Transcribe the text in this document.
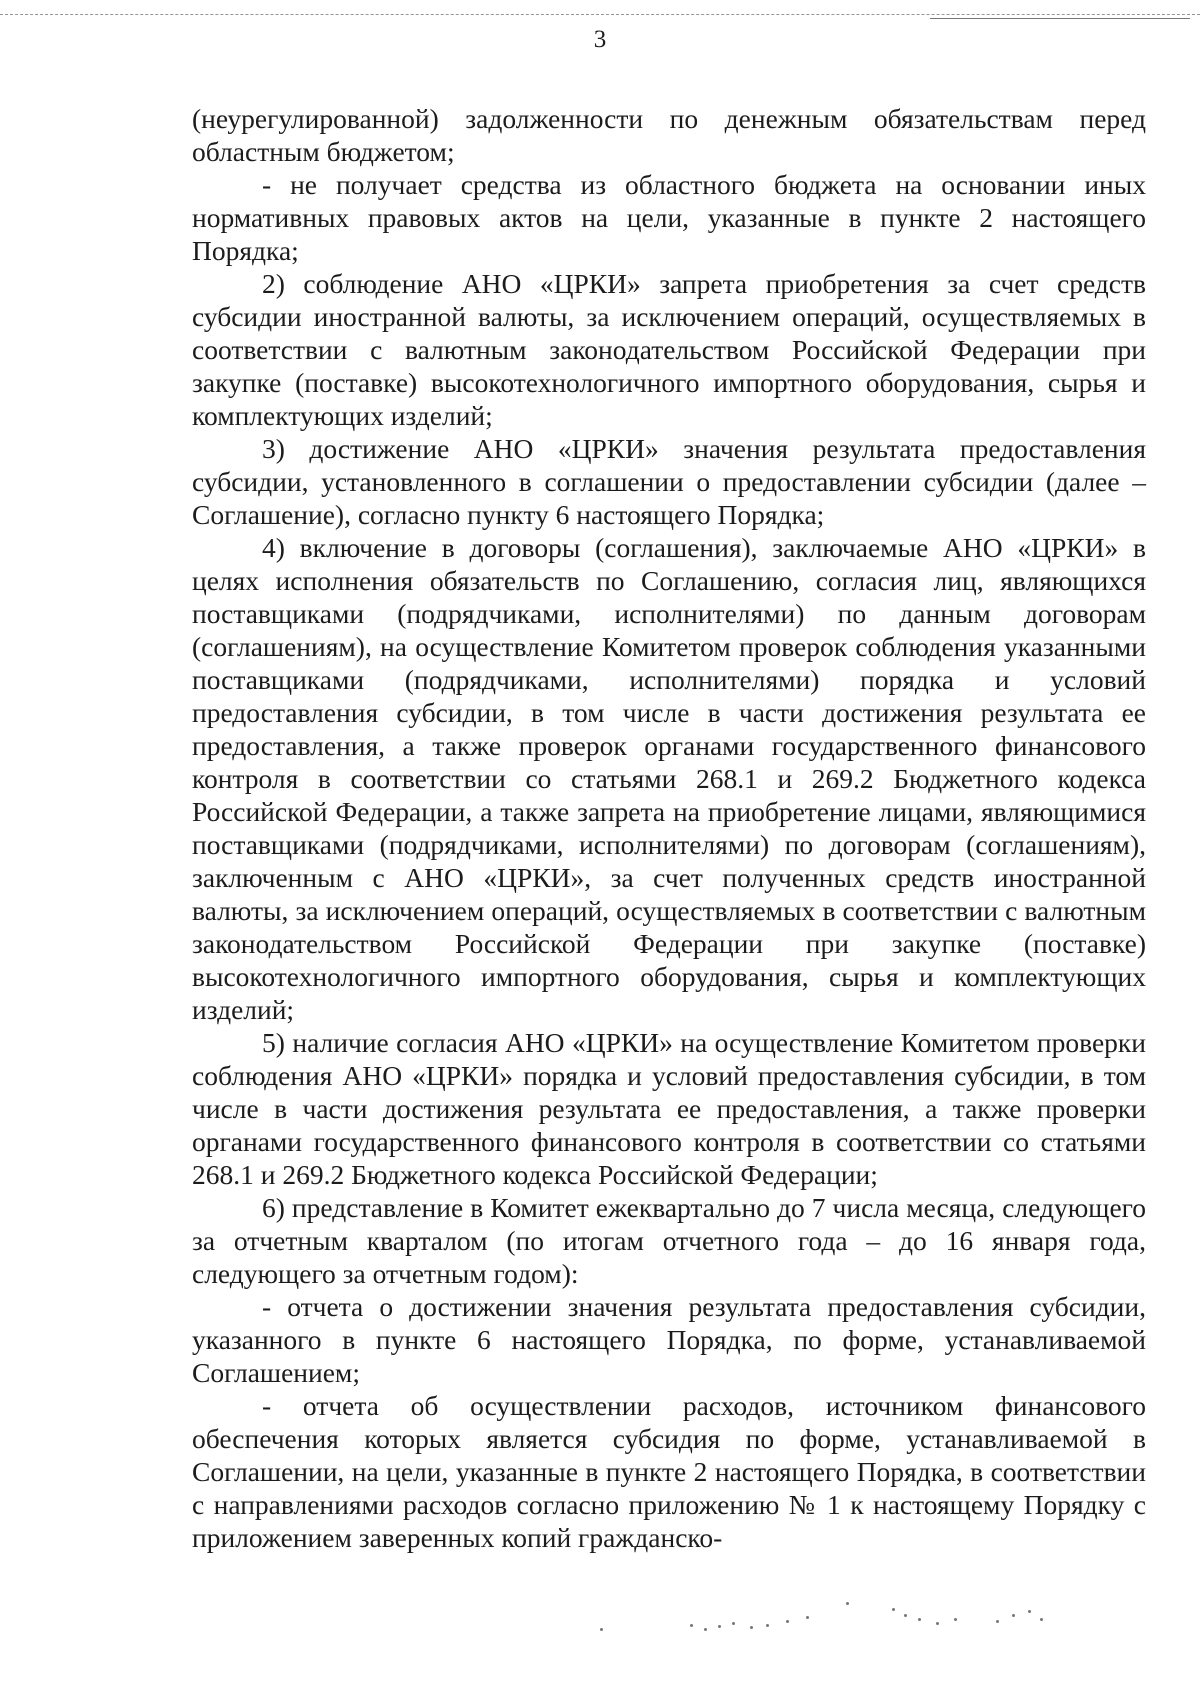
3

(неурегулированной) задолженности по денежным обязательствам перед областным бюджетом;

- не получает средства из областного бюджета на основании иных нормативных правовых актов на цели, указанные в пункте 2 настоящего Порядка;

2) соблюдение АНО «ЦРКИ» запрета приобретения за счет средств субсидии иностранной валюты, за исключением операций, осуществляемых в соответствии с валютным законодательством Российской Федерации при закупке (поставке) высокотехнологичного импортного оборудования, сырья и комплектующих изделий;

3) достижение АНО «ЦРКИ» значения результата предоставления субсидии, установленного в соглашении о предоставлении субсидии (далее – Соглашение), согласно пункту 6 настоящего Порядка;

4) включение в договоры (соглашения), заключаемые АНО «ЦРКИ» в целях исполнения обязательств по Соглашению, согласия лиц, являющихся поставщиками (подрядчиками, исполнителями) по данным договорам (соглашениям), на осуществление Комитетом проверок соблюдения указанными поставщиками (подрядчиками, исполнителями) порядка и условий предоставления субсидии, в том числе в части достижения результата ее предоставления, а также проверок органами государственного финансового контроля в соответствии со статьями 268.1 и 269.2 Бюджетного кодекса Российской Федерации, а также запрета на приобретение лицами, являющимися поставщиками (подрядчиками, исполнителями) по договорам (соглашениям), заключенным с АНО «ЦРКИ», за счет полученных средств иностранной валюты, за исключением операций, осуществляемых в соответствии с валютным законодательством Российской Федерации при закупке (поставке) высокотехнологичного импортного оборудования, сырья и комплектующих изделий;

5) наличие согласия АНО «ЦРКИ» на осуществление Комитетом проверки соблюдения АНО «ЦРКИ» порядка и условий предоставления субсидии, в том числе в части достижения результата ее предоставления, а также проверки органами государственного финансового контроля в соответствии со статьями 268.1 и 269.2 Бюджетного кодекса Российской Федерации;

6) представление в Комитет ежеквартально до 7 числа месяца, следующего за отчетным кварталом (по итогам отчетного года – до 16 января года, следующего за отчетным годом):

- отчета о достижении значения результата предоставления субсидии, указанного в пункте 6 настоящего Порядка, по форме, устанавливаемой Соглашением;

- отчета об осуществлении расходов, источником финансового обеспечения которых является субсидия по форме, устанавливаемой в Соглашении, на цели, указанные в пункте 2 настоящего Порядка, в соответствии с направлениями расходов согласно приложению № 1 к настоящему Порядку с приложением заверенных копий гражданско-
